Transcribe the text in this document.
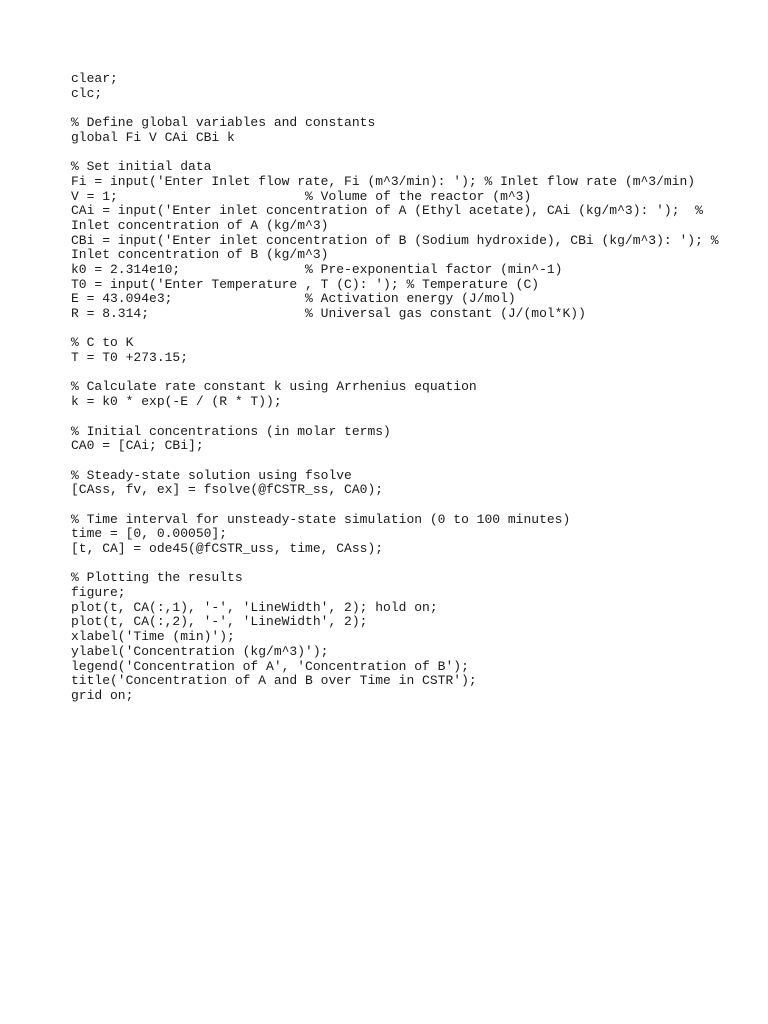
clear;
clc;
% Define global variables and constants
global Fi V CAi CBi k
% Set initial data
Fi = input('Enter Inlet flow rate, Fi (m^3/min): '); % Inlet flow rate (m^3/min)
V = 1;                        % Volume of the reactor (m^3)
CAi = input('Enter inlet concentration of A (Ethyl acetate), CAi (kg/m^3): ');  %
Inlet concentration of A (kg/m^3)
CBi = input('Enter inlet concentration of B (Sodium hydroxide), CBi (kg/m^3): '); %
Inlet concentration of B (kg/m^3)
k0 = 2.314e10;                % Pre-exponential factor (min^-1)
T0 = input('Enter Temperature , T (C): '); % Temperature (C)
E = 43.094e3;                 % Activation energy (J/mol)
R = 8.314;                    % Universal gas constant (J/(mol*K))
% C to K
T = T0 +273.15;
% Calculate rate constant k using Arrhenius equation
k = k0 * exp(-E / (R * T));
% Initial concentrations (in molar terms)
CA0 = [CAi; CBi];
% Steady-state solution using fsolve
[CAss, fv, ex] = fsolve(@fCSTR_ss, CA0);
% Time interval for unsteady-state simulation (0 to 100 minutes)
time = [0, 0.00050];
[t, CA] = ode45(@fCSTR_uss, time, CAss);
% Plotting the results
figure;
plot(t, CA(:,1), '-', 'LineWidth', 2); hold on;
plot(t, CA(:,2), '-', 'LineWidth', 2);
xlabel('Time (min)');
ylabel('Concentration (kg/m^3)');
legend('Concentration of A', 'Concentration of B');
title('Concentration of A and B over Time in CSTR');
grid on;
